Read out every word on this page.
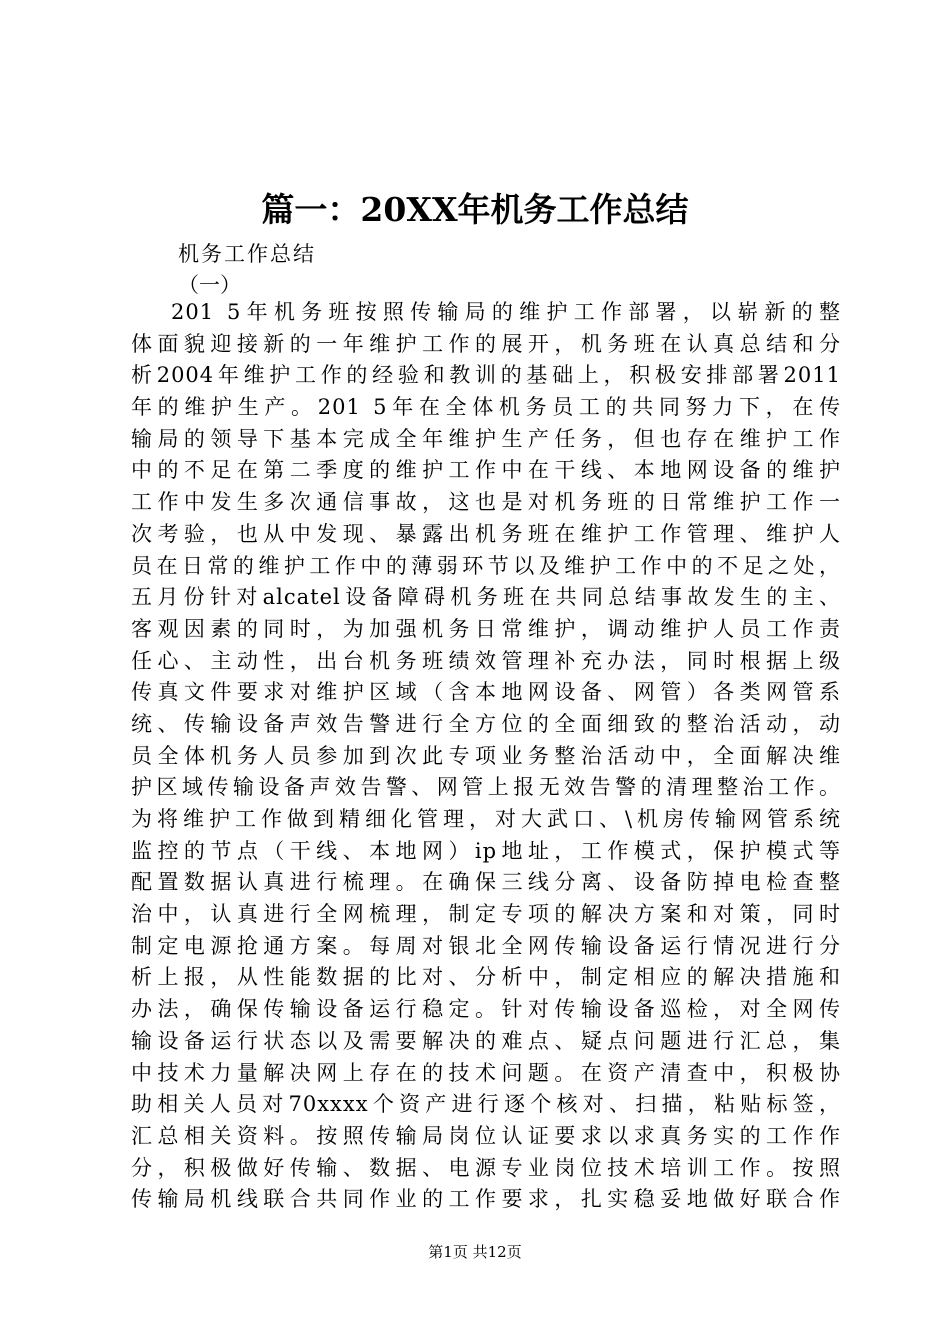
篇一：20XX年机务工作总结
机务工作总结
（一）
201 5年机务班按照传输局的维护工作部署，以崭新的整
体面貌迎接新的一年维护工作的展开，机务班在认真总结和分
析2004年维护工作的经验和教训的基础上，积极安排部署2011
年的维护生产。201 5年在全体机务员工的共同努力下，在传
输局的领导下基本完成全年维护生产任务，但也存在维护工作
中的不足在第二季度的维护工作中在干线、本地网设备的维护
工作中发生多次通信事故，这也是对机务班的日常维护工作一
次考验，也从中发现、暴露出机务班在维护工作管理、维护人
员在日常的维护工作中的薄弱环节以及维护工作中的不足之处，
五月份针对alcatel设备障碍机务班在共同总结事故发生的主、
客观因素的同时，为加强机务日常维护，调动维护人员工作责
任心、主动性，出台机务班绩效管理补充办法，同时根据上级
传真文件要求对维护区域（含本地网设备、网管）各类网管系
统、传输设备声效告警进行全方位的全面细致的整治活动，动
员全体机务人员参加到次此专项业务整治活动中，全面解决维
护区域传输设备声效告警、网管上报无效告警的清理整治工作。
为将维护工作做到精细化管理，对大武口、\机房传输网管系统
监控的节点（干线、本地网）ip地址，工作模式，保护模式等
配置数据认真进行梳理。在确保三线分离、设备防掉电检查整
治中，认真进行全网梳理，制定专项的解决方案和对策，同时
制定电源抢通方案。每周对银北全网传输设备运行情况进行分
析上报，从性能数据的比对、分析中，制定相应的解决措施和
办法，确保传输设备运行稳定。针对传输设备巡检，对全网传
输设备运行状态以及需要解决的难点、疑点问题进行汇总，集
中技术力量解决网上存在的技术问题。在资产清查中，积极协
助相关人员对70xxxx个资产进行逐个核对、扫描，粘贴标签，
汇总相关资料。按照传输局岗位认证要求以求真务实的工作作
分，积极做好传输、数据、电源专业岗位技术培训工作。按照
传输局机线联合共同作业的工作要求，扎实稳妥地做好联合作
第1页 共12页
